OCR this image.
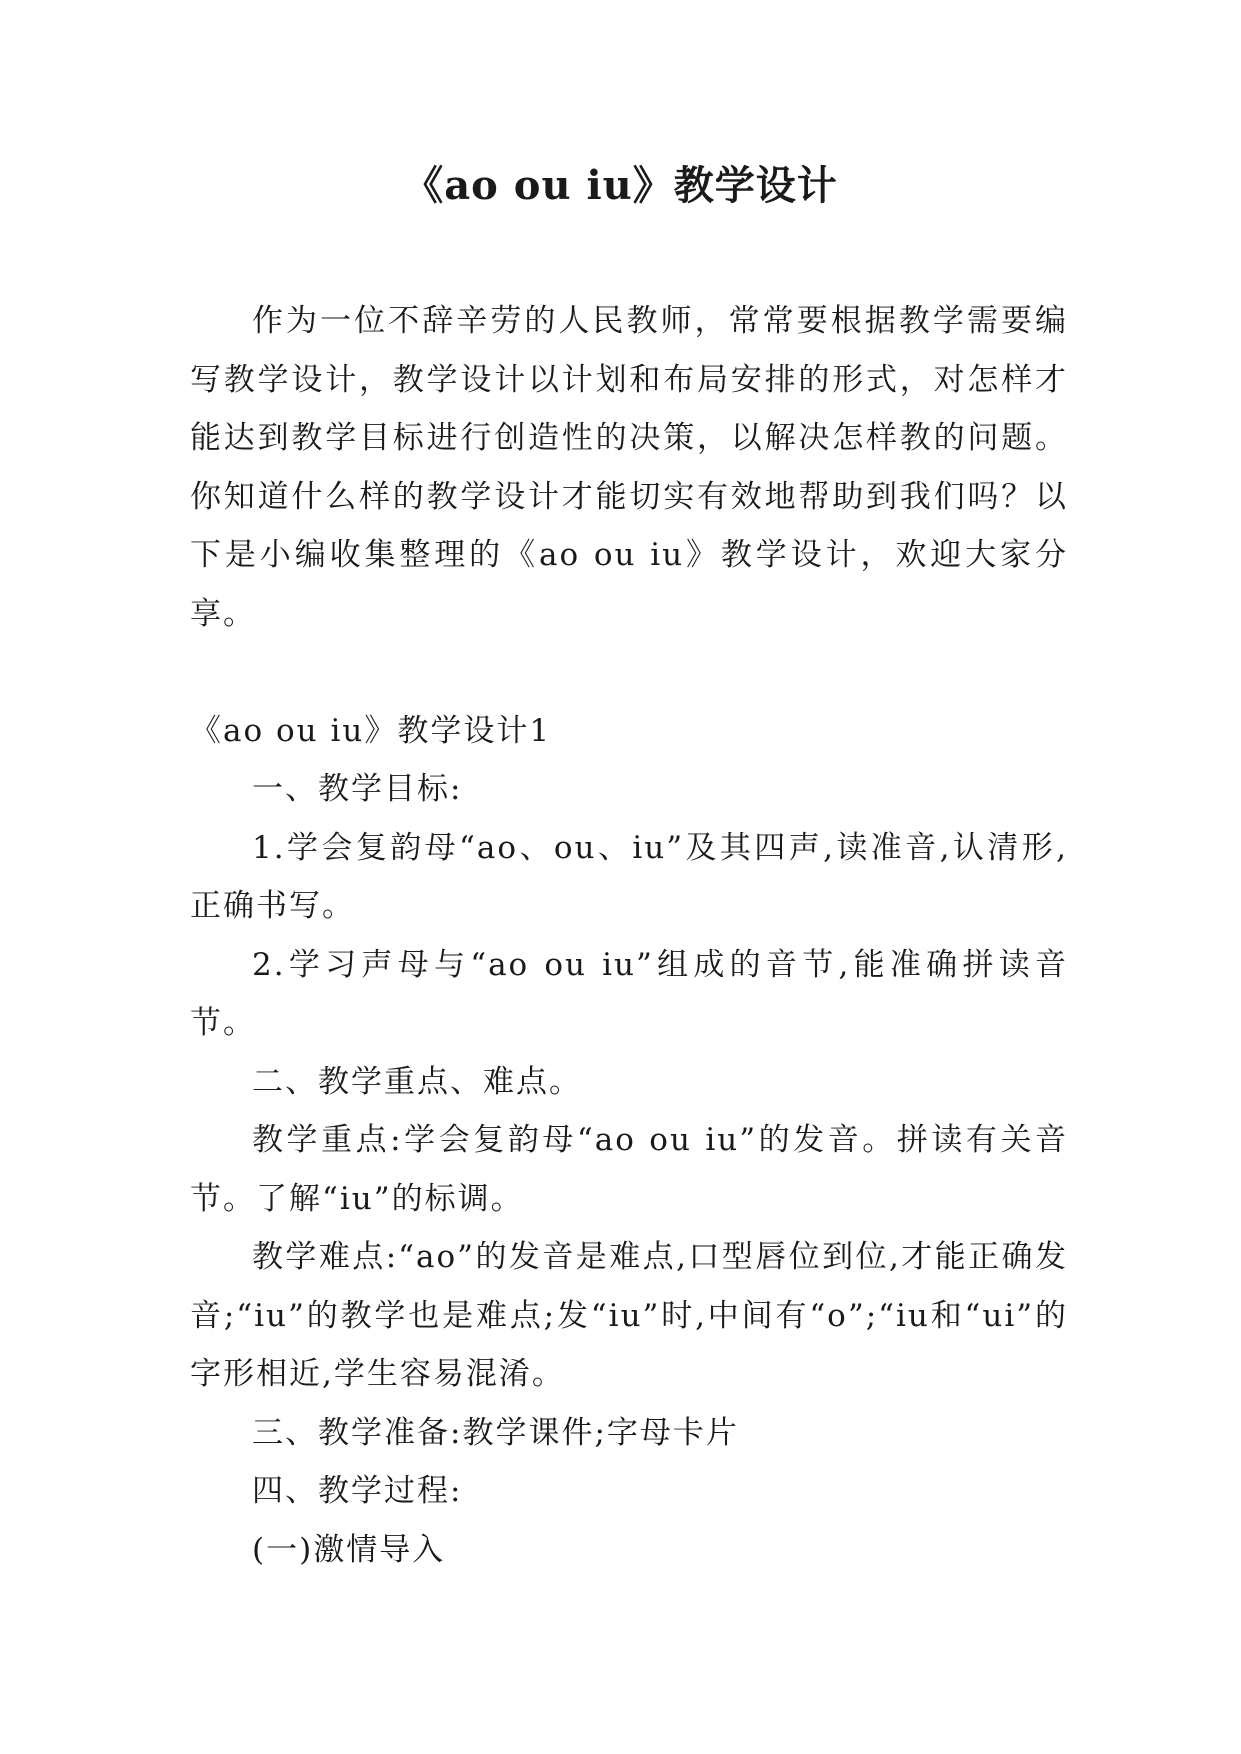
《ao ou iu》教学设计

作为一位不辞辛劳的人民教师，常常要根据教学需要编写教学设计，教学设计以计划和布局安排的形式，对怎样才能达到教学目标进行创造性的决策，以解决怎样教的问题。你知道什么样的教学设计才能切实有效地帮助到我们吗？以下是小编收集整理的《ao ou iu》教学设计，欢迎大家分享。

《ao ou iu》教学设计1

一、教学目标:

1.学会复韵母“ao、ou、iu”及其四声,读准音,认清形,正确书写。

2.学习声母与“ao ou iu”组成的音节,能准确拼读音节。

二、教学重点、难点。

教学重点:学会复韵母“ao ou iu”的发音。拼读有关音节。了解“iu”的标调。

教学难点:“ao”的发音是难点,口型唇位到位,才能正确发音;“iu”的教学也是难点;发“iu”时,中间有“o”;“iu和“ui”的字形相近,学生容易混淆。

三、教学准备:教学课件;字母卡片

四、教学过程:

(一)激情导入
